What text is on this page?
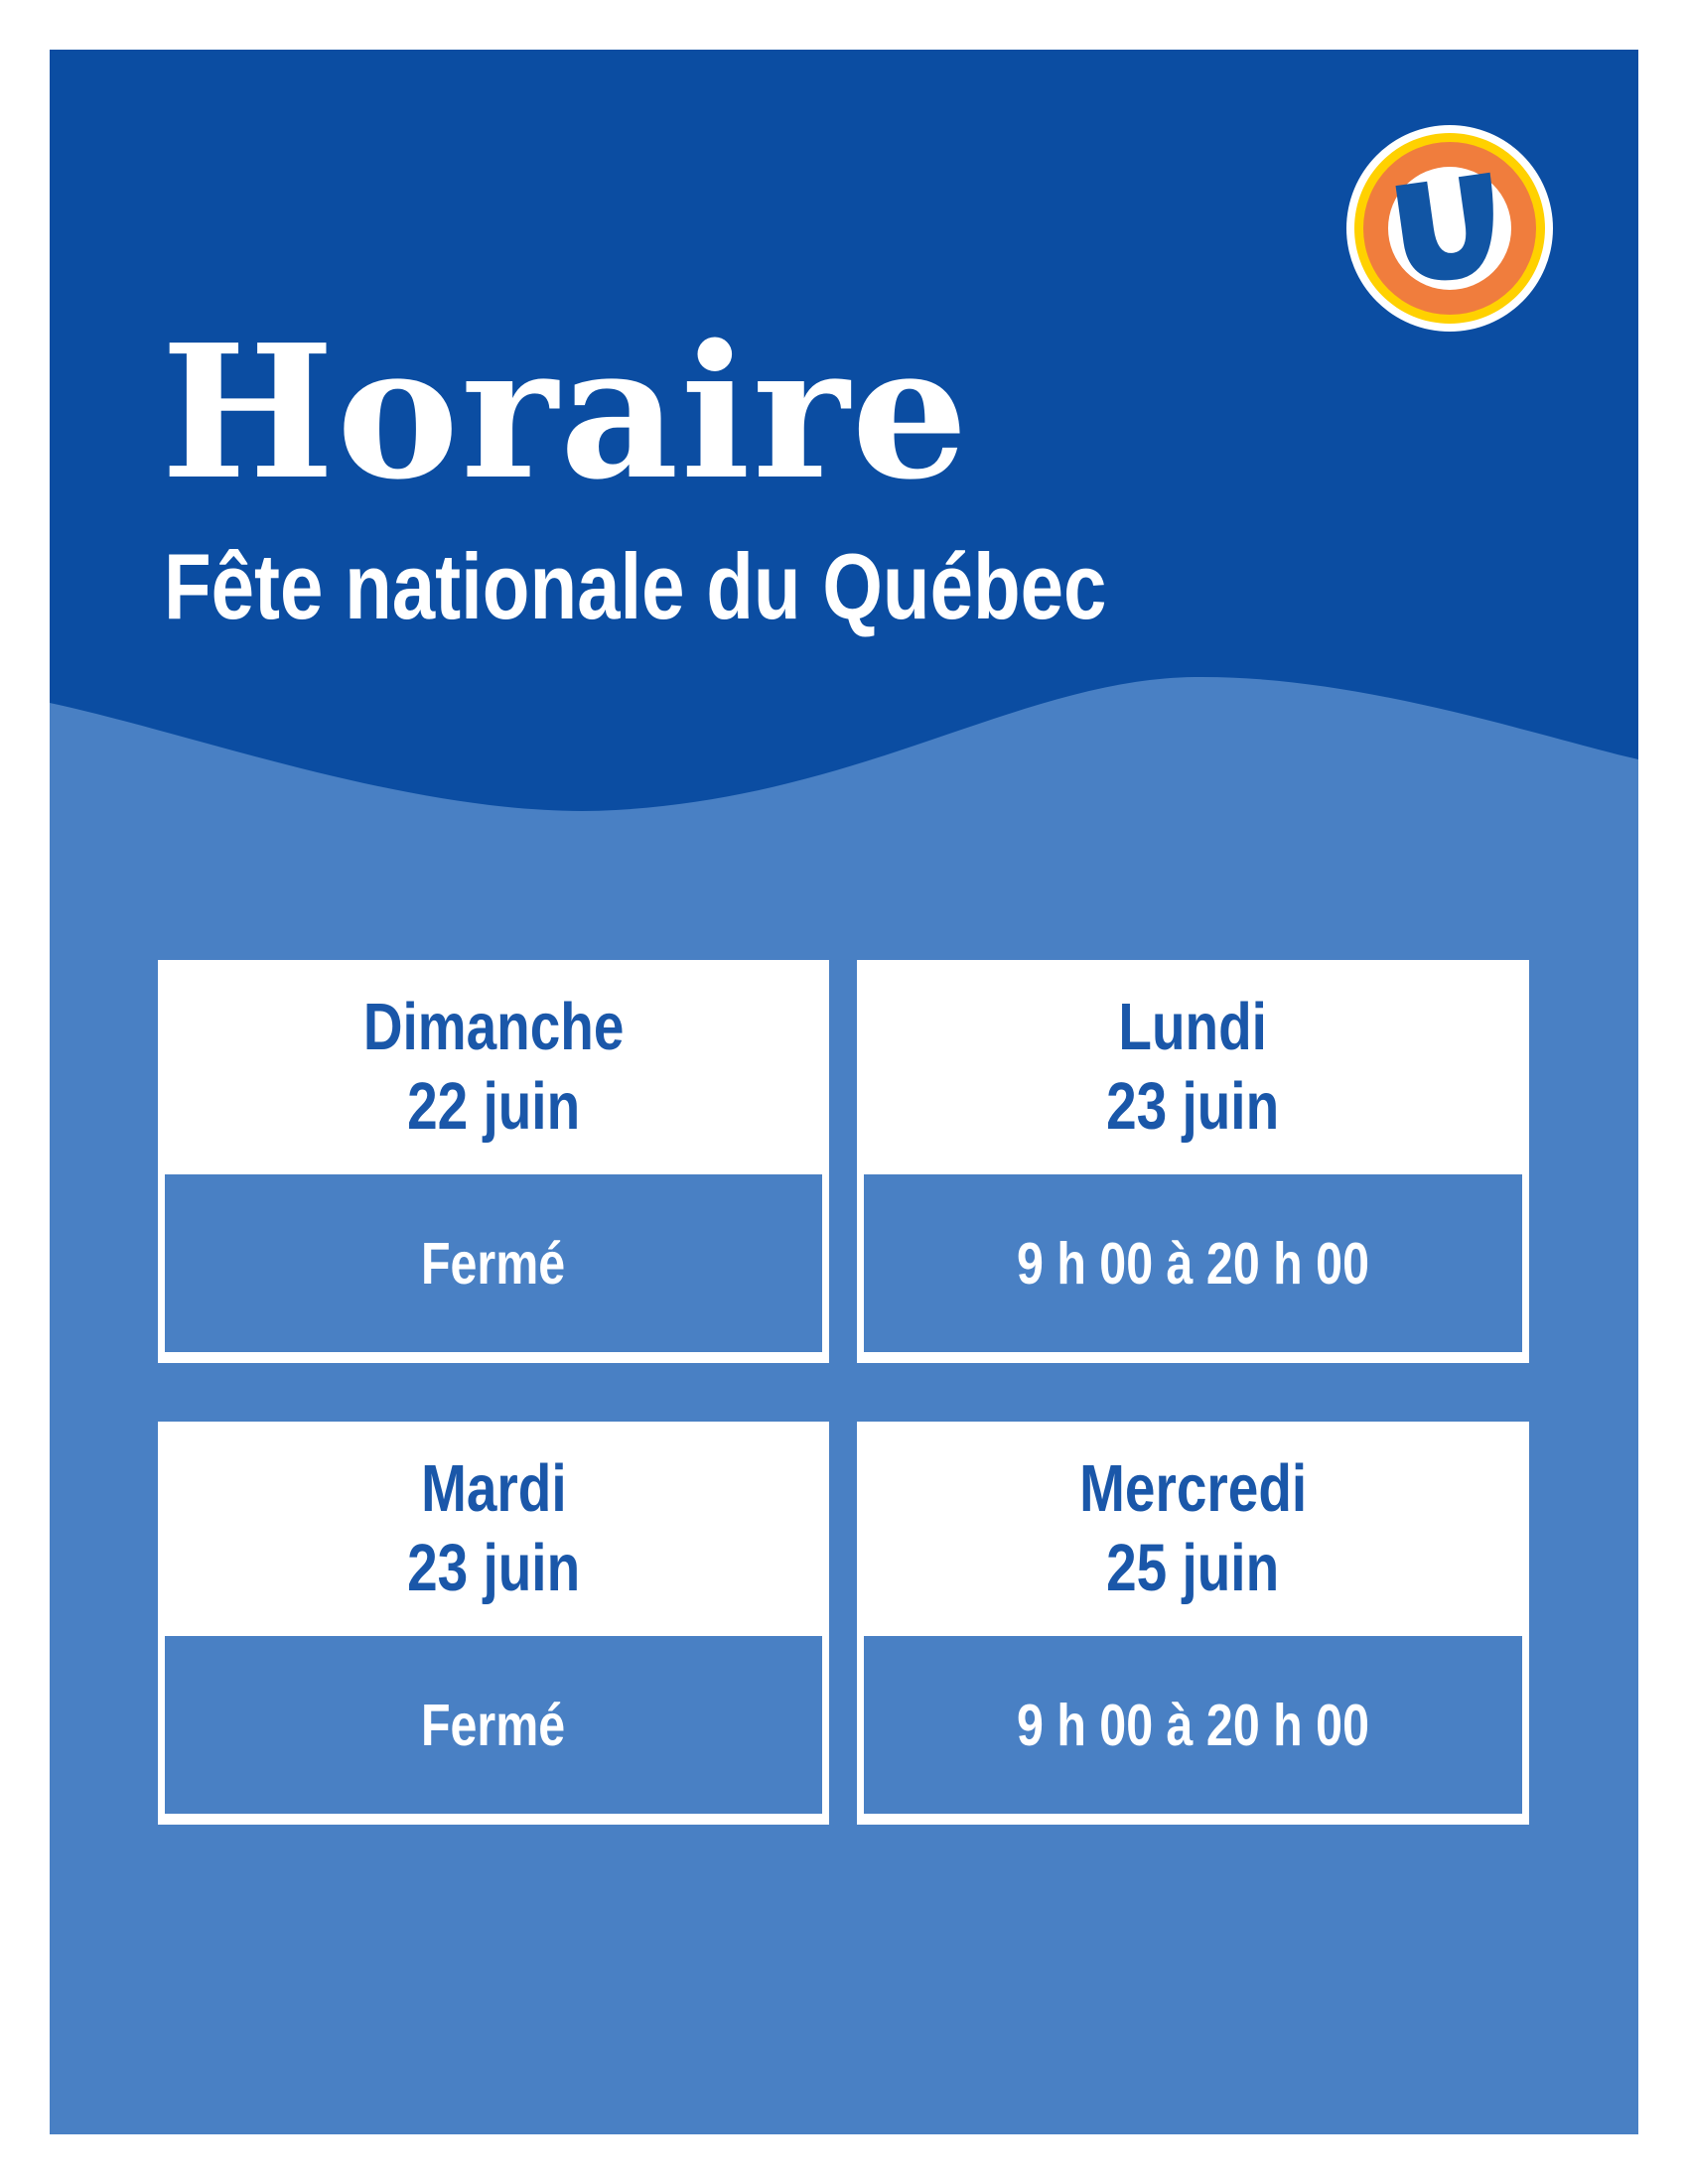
Horaire
Fête nationale du Québec
Dimanche
22 juin
Fermé
Lundi
23 juin
9 h 00 à 20 h 00
Mardi
23 juin
Fermé
Mercredi
25 juin
9 h 00 à 20 h 00
